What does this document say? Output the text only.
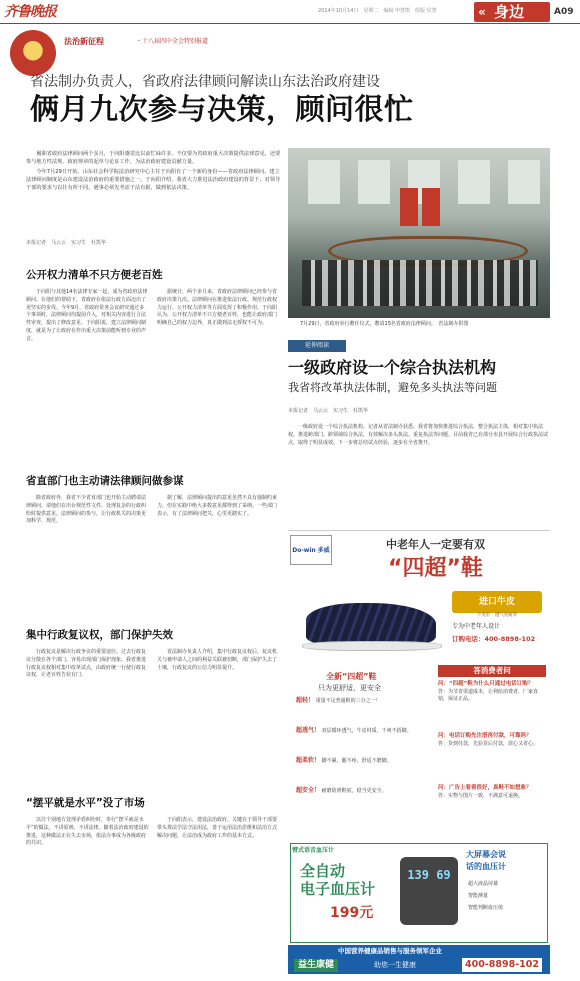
齐鲁晚报	2014年10月14日　星期二　编辑 申慧凯　组版 侯慧	« 身边	A09
法治新征程	・十八届四中全会特别报道
省法制办负责人，省政府法律顾问解读山东法治政府建设
俩月九次参与决策，顾问很忙

履职省政府法律顾问两个多月，于向阳感觉比以前忙碌许多，不仅要为省政府重大决策提供法律意见，还要参与地方性法规、政府规章的起草与论证工作，为法治政府建设贡献力量。

今年7月29日开始，山东社会科学院法治研究中心主任于向阳有了一个新的身份——省政府法律顾问。建立法律顾问制度是山东建设法治政府的重要措施之一。于向阳介绍，我省大力推进法治政府建设的背景下，对领导干部的要求与以往有所不同，遇事必须先考虑于法有据，做到依法决策。

本报记者　马云云　实习生　杜凯华
7月29日，省政府举行聘任仪式，聘请15名省政府法律顾问。　省法制办供图
公开权力清单不只方便老百姓
于向阳与其他14名法律专家一起，成为省政府法律顾问。在他们的帮助下，省政府在依法行政方面迈出了更坚实的步伐。今年9月，省政府常务会议研究通过多个事项时，法律顾问均提前介入，对相关内容进行合法性审查，提出了修改意见。于向阳说，建立法律顾问制度，就是为了让政府在作出重大决策前能听到专业的声音。
据统计，两个多月来，省政府法律顾问已经参与省政府决策九次。法律顾问在推进依法行政、规范行政权力运行、公开权力清单等方面发挥了积极作用。于向阳认为，公开权力清单不只方便老百姓，也能让政府部门明确自己的权力边界，真正做到法无授权不可为。
省直部门也主动请法律顾问做参谋
除省政府外，我省不少省直部门也开始主动聘请法律顾问，请他们在出台规范性文件、处理复杂的行政纠纷时提供意见。法律顾问的参与，让行政机关的决策更加科学、规范。
据了解，法律顾问提出的意见虽然不具有强制约束力，但在实践中绝大多数意见都得到了采纳。一些部门表示，有了法律顾问把关，心里更踏实了。
集中行政复议权，部门保护失效
行政复议是解决行政争议的重要途径。过去行政复议分散在各个部门，容易出现部门保护现象。我省推进行政复议权相对集中改革试点，由政府统一行使行政复议权，让老百姓告状有门。
省法制办负责人介绍，集中行政复议权后，复议机关与被申请人之间的利益关联被切断，部门保护失去了土壤，行政复议的公信力明显提升。
“摆平就是水平”没了市场
以往个别地方处理矛盾纠纷时，奉行“摆平就是水平”的做法，不讲原则、不讲法律。随着法治政府建设的推进，这种做法正在失去市场，依法办事成为各级政府的共识。
于向阳表示，建设法治政府，关键在于领导干部要带头尊法学法守法用法，善于运用法治思维和法治方式解决问题，让法治成为政府工作的基本方式。
延伸阅读
一级政府设一个综合执法机构
我省将改革执法体制，避免多头执法等问题
本报记者　马云云　实习生　杜凯华
一级政府设一个综合执法机构。记者从省法制办获悉，我省将加快推进综合执法，整合执法主体，相对集中执法权，推进跨部门、跨领域综合执法，有效解决多头执法、重复执法等问题。目前我省已在部分市县开展综合行政执法试点，取得了明显成效。下一步将总结试点经验，逐步在全省推开。
Do-win 多威	中老年人一定要有双
“四超”鞋
进口牛皮
不变形　透气更耐穿
专为中老年人设计
订购电话：400-8898-102
全新“四超”鞋
只为更舒适，更安全
超轻！ 重量不足普通鞋的三分之一！
超透气！ 双层循环透气，牛皮材质，干爽不捂脚。
超柔软！ 脚不累，腿不疼，舒适不磨脚。
超安全！ 耐磨防滑鞋底，稳当更安全。
答消费者问
问：“四超”鞋为什么只通过电话订购？
答：为节省渠道成本，让利给消费者，厂家直销，保证正品。
问：电话订购先注册再付款，可靠吗？
答：货到付款，先验货后付款，放心又省心。
问：广告上看着很好，真鞋不如想象？
答：实物与图片一致，不满意可退换。
臂式语音血压计
全自动
电子血压计
199元
139 69
大屏幕会说
话的血压计
超大液晶屏幕
智能测量
智能判断血压值
中国营养健康品销售与服务领军企业
益生康健	助您一生健康	400-8898-102
